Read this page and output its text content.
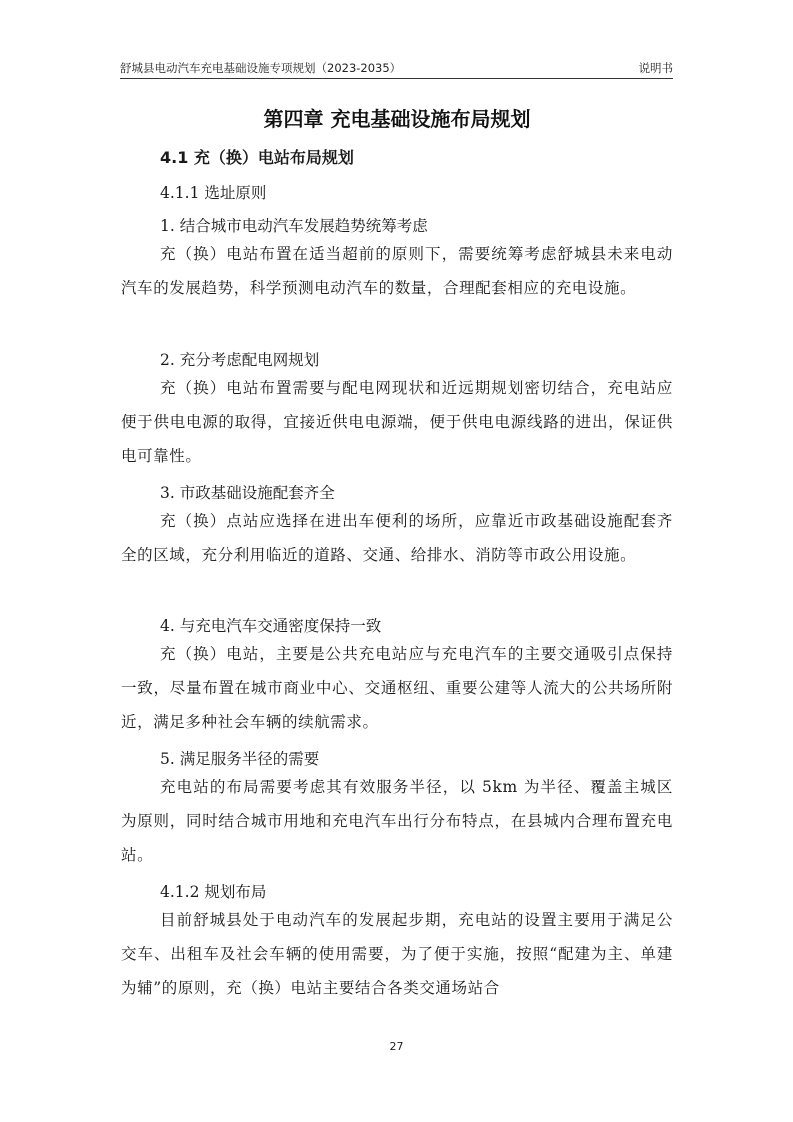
舒城县电动汽车充电基础设施专项规划（2023-2035）	说明书
第四章 充电基础设施布局规划
4.1 充（换）电站布局规划
4.1.1 选址原则
1. 结合城市电动汽车发展趋势统筹考虑
充（换）电站布置在适当超前的原则下，需要统筹考虑舒城县未来电动汽车的发展趋势，科学预测电动汽车的数量，合理配套相应的充电设施。
2. 充分考虑配电网规划
充（换）电站布置需要与配电网现状和近远期规划密切结合，充电站应便于供电电源的取得，宜接近供电电源端，便于供电电源线路的进出，保证供电可靠性。
3. 市政基础设施配套齐全
充（换）点站应选择在进出车便利的场所，应靠近市政基础设施配套齐全的区域，充分利用临近的道路、交通、给排水、消防等市政公用设施。
4. 与充电汽车交通密度保持一致
充（换）电站，主要是公共充电站应与充电汽车的主要交通吸引点保持一致，尽量布置在城市商业中心、交通枢纽、重要公建等人流大的公共场所附近，满足多种社会车辆的续航需求。
5. 满足服务半径的需要
充电站的布局需要考虑其有效服务半径，以 5km 为半径、覆盖主城区为原则，同时结合城市用地和充电汽车出行分布特点，在县城内合理布置充电站。
4.1.2 规划布局
目前舒城县处于电动汽车的发展起步期，充电站的设置主要用于满足公交车、出租车及社会车辆的使用需要，为了便于实施，按照“配建为主、单建为辅”的原则，充（换）电站主要结合各类交通场站合
27
